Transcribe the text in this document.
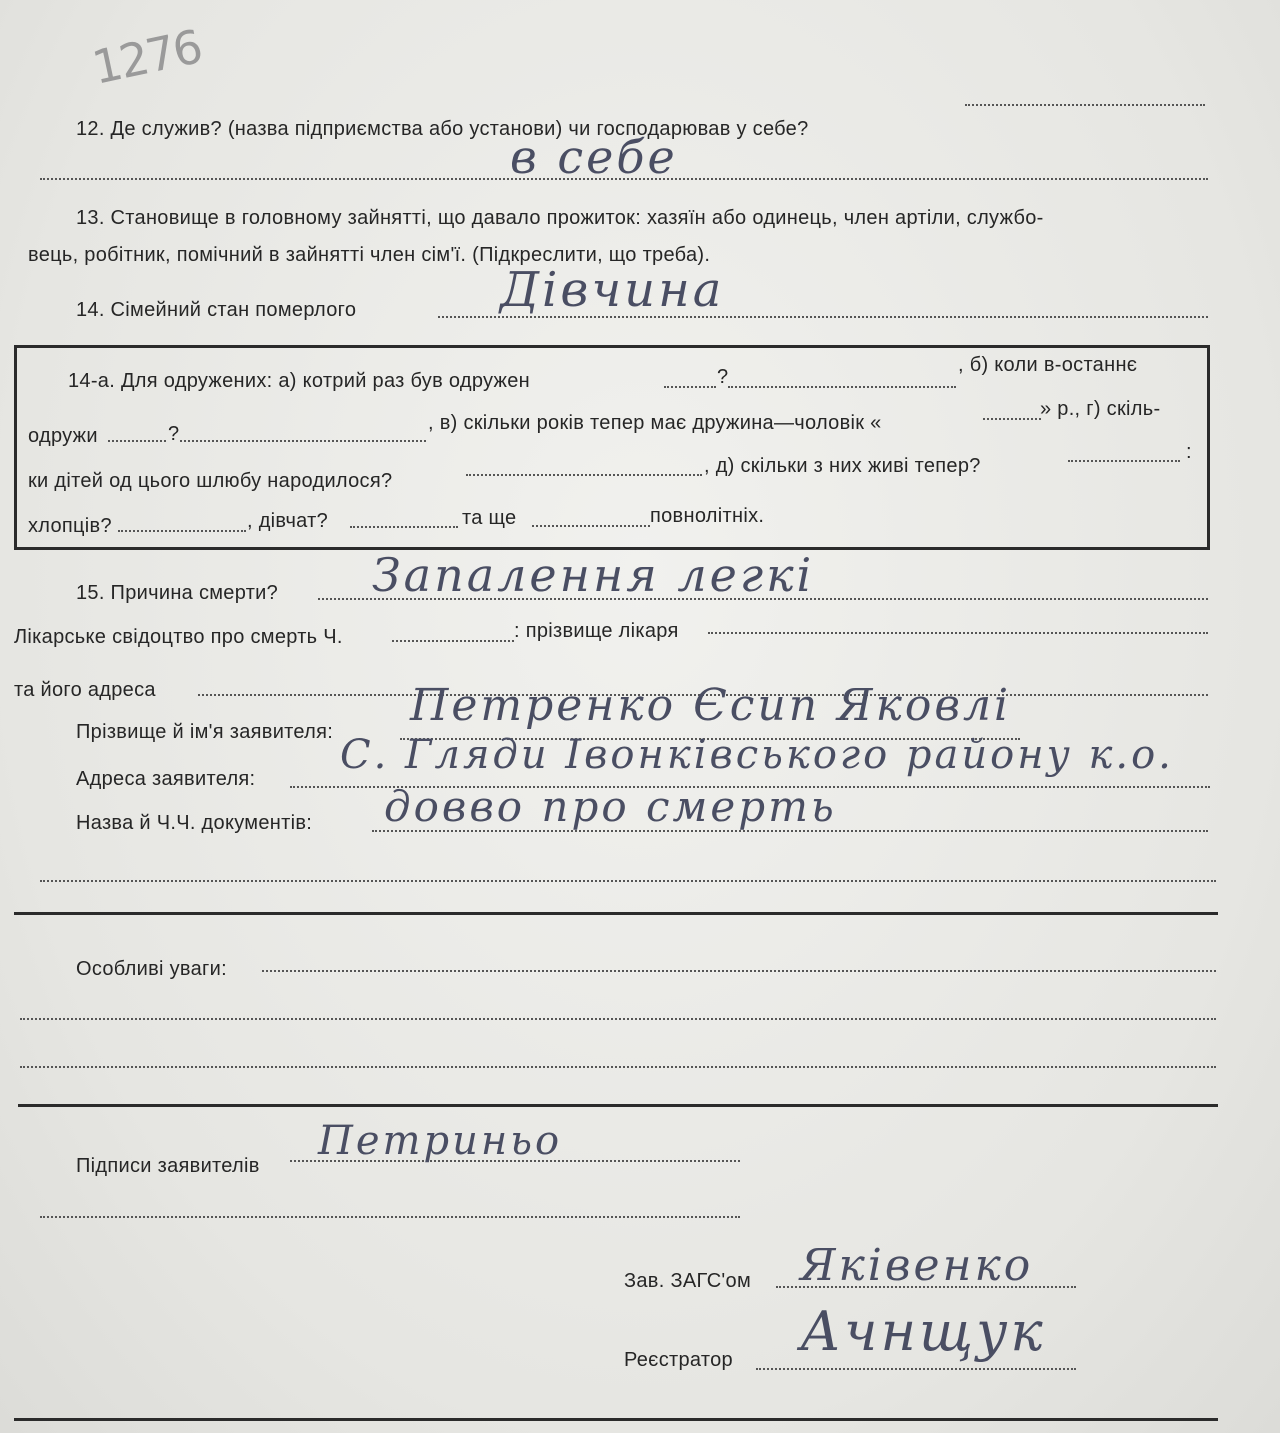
1276
12. Де служив? (назва підприємства або установи) чи господарював у себе?
в себе
13. Становище в головному зайнятті, що давало прожиток: хазяїн або одинець, член артіли, службо-
вець, робітник, помічний в зайнятті член сім'ї. (Підкреслити, що треба).
14. Сімейний стан померлого	Дівчина
14-а. Для одружених: а) котрий раз був одружен	?
, б) коли в-останнє
одружи	?	, в) скільки років тепер має дружина—чоловік «
» р., г) скіль-
ки дітей од цього шлюбу народилося?
, д) скільки з них живі тепер?
:
хлопців?	, дівчат?	та ще	повнолітніх.
15. Причина смерти? Запалення легкі
Лікарське свідоцтво про смерть Ч.	: прізвище лікаря
та його адреса
Прізвище й ім'я заявителя:
Петренко Єсип Яковлі
Адреса заявителя:
С. Гляди Івонківського району к.о.
Назва й Ч.Ч. документів: довво про смерть
Особливі уваги:
Підписи заявителів
Петриньо
Зав. ЗАГС'ом Яківенко
Реєстратор Ачнщук
